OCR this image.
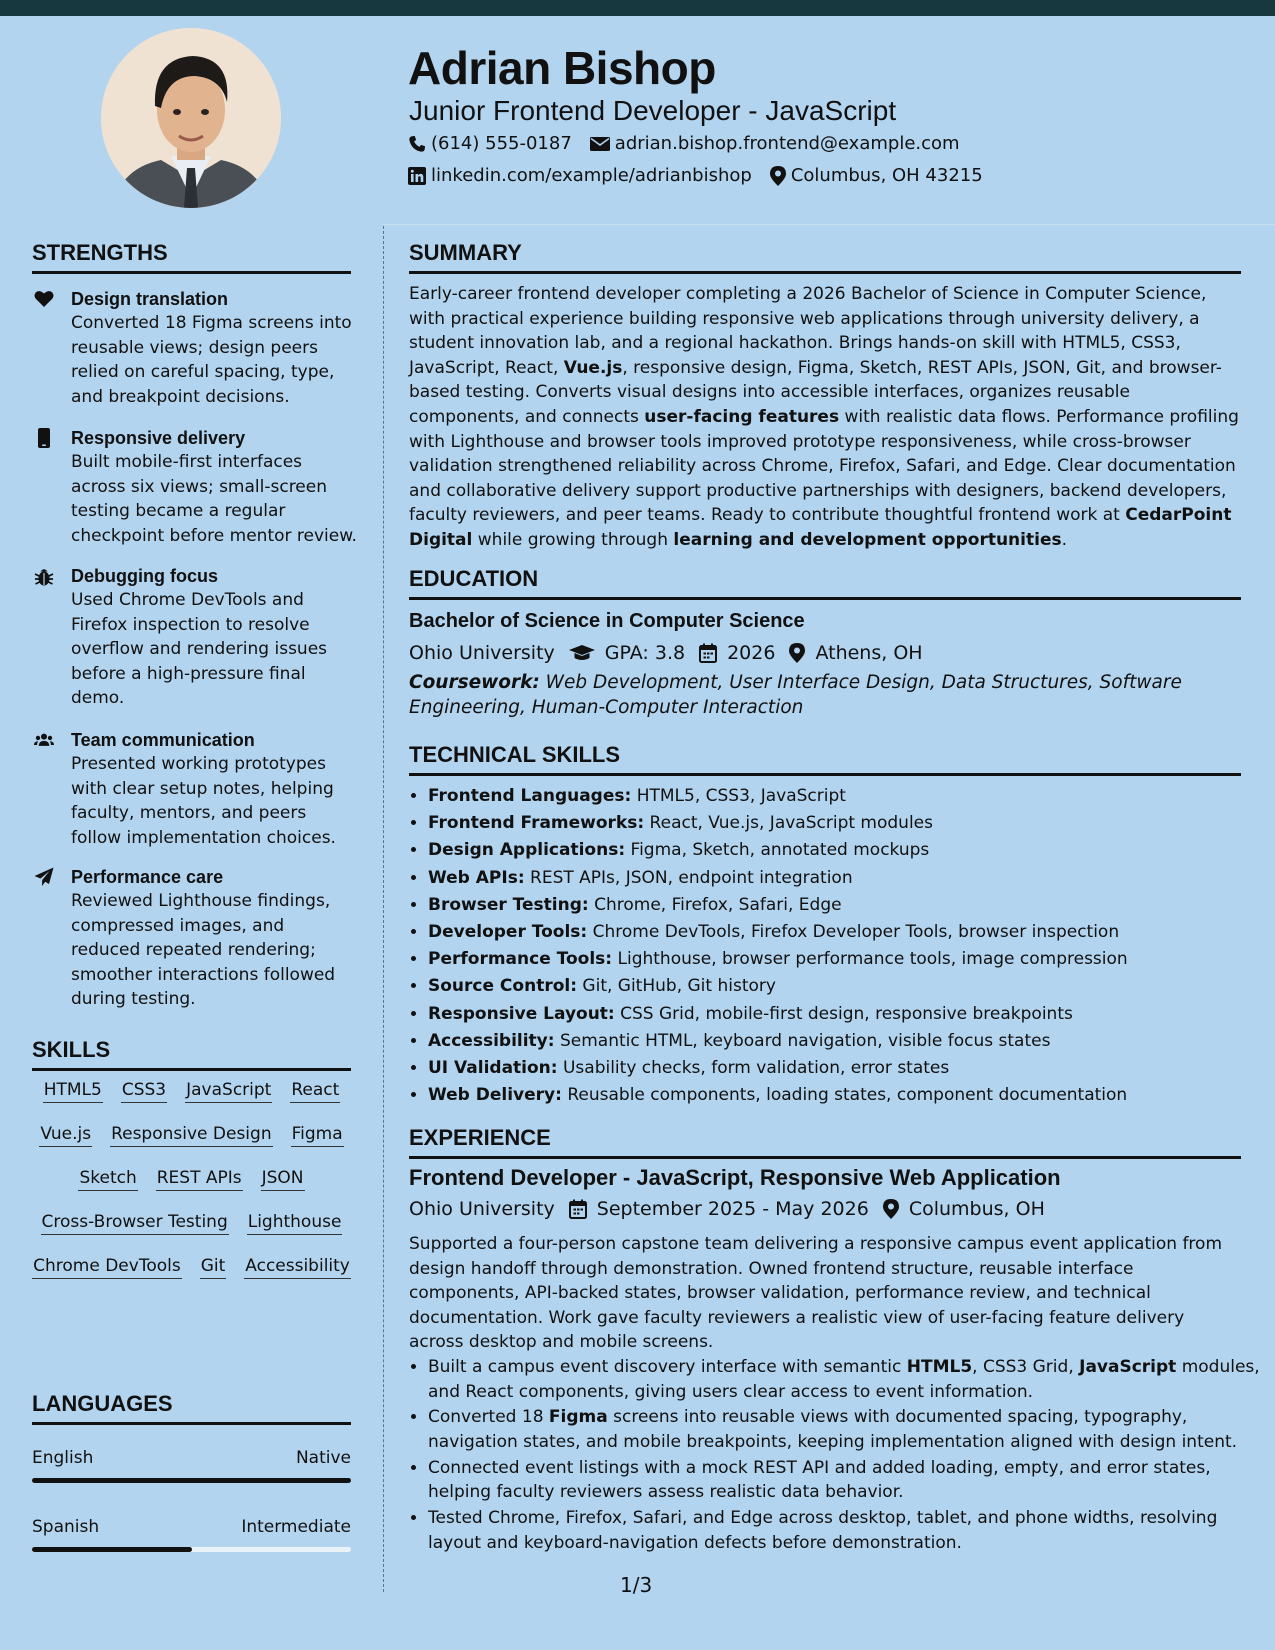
Adrian Bishop
Junior Frontend Developer - JavaScript
(614) 555-0187 adrian.bishop.frontend@example.com
linkedin.com/example/adrianbishop Columbus, OH 43215
STRENGTHS
Design translation
Converted 18 Figma screens into reusable views; design peers relied on careful spacing, type, and breakpoint decisions.
Responsive delivery
Built mobile-first interfaces across six views; small-screen testing became a regular checkpoint before mentor review.
Debugging focus
Used Chrome DevTools and Firefox inspection to resolve overflow and rendering issues before a high-pressure final demo.
Team communication
Presented working prototypes with clear setup notes, helping faculty, mentors, and peers follow implementation choices.
Performance care
Reviewed Lighthouse findings, compressed images, and reduced repeated rendering; smoother interactions followed during testing.
SKILLS
HTML5 CSS3 JavaScript React
Vue.js Responsive Design Figma
Sketch REST APIs JSON
Cross-Browser Testing Lighthouse
Chrome DevTools Git Accessibility
LANGUAGES
English	Native
Spanish	Intermediate
SUMMARY

Early-career frontend developer completing a 2026 Bachelor of Science in Computer Science, with practical experience building responsive web applications through university delivery, a student innovation lab, and a regional hackathon. Brings hands-on skill with HTML5, CSS3, JavaScript, React, Vue.js, responsive design, Figma, Sketch, REST APIs, JSON, Git, and browser-based testing. Converts visual designs into accessible interfaces, organizes reusable components, and connects user-facing features with realistic data flows. Performance profiling with Lighthouse and browser tools improved prototype responsiveness, while cross-browser validation strengthened reliability across Chrome, Firefox, Safari, and Edge. Clear documentation and collaborative delivery support productive partnerships with designers, backend developers, faculty reviewers, and peer teams. Ready to contribute thoughtful frontend work at CedarPoint Digital while growing through learning and development opportunities.

EDUCATION
Bachelor of Science in Computer Science
Ohio University	GPA: 3.8 2026 Athens, OH
Coursework: Web Development, User Interface Design, Data Structures, Software Engineering, Human-Computer Interaction
TECHNICAL SKILLS
• Frontend Languages: HTML5, CSS3, JavaScript
• Frontend Frameworks: React, Vue.js, JavaScript modules
• Design Applications: Figma, Sketch, annotated mockups
• Web APIs: REST APIs, JSON, endpoint integration
• Browser Testing: Chrome, Firefox, Safari, Edge
• Developer Tools: Chrome DevTools, Firefox Developer Tools, browser inspection
• Performance Tools: Lighthouse, browser performance tools, image compression
• Source Control: Git, GitHub, Git history
• Responsive Layout: CSS Grid, mobile-first design, responsive breakpoints
• Accessibility: Semantic HTML, keyboard navigation, visible focus states
• UI Validation: Usability checks, form validation, error states
• Web Delivery: Reusable components, loading states, component documentation
EXPERIENCE
Frontend Developer - JavaScript, Responsive Web Application
Ohio University September 2025 - May 2026 Columbus, OH

Supported a four-person capstone team delivering a responsive campus event application from design handoff through demonstration. Owned frontend structure, reusable interface components, API-backed states, browser validation, performance review, and technical documentation. Work gave faculty reviewers a realistic view of user-facing feature delivery across desktop and mobile screens.

• Built a campus event discovery interface with semantic HTML5, CSS3 Grid, JavaScript modules, and React components, giving users clear access to event information.
• Converted 18 Figma screens into reusable views with documented spacing, typography, navigation states, and mobile breakpoints, keeping implementation aligned with design intent.
• Connected event listings with a mock REST API and added loading, empty, and error states, helping faculty reviewers assess realistic data behavior.
• Tested Chrome, Firefox, Safari, and Edge across desktop, tablet, and phone widths, resolving layout and keyboard-navigation defects before demonstration.
1/3
